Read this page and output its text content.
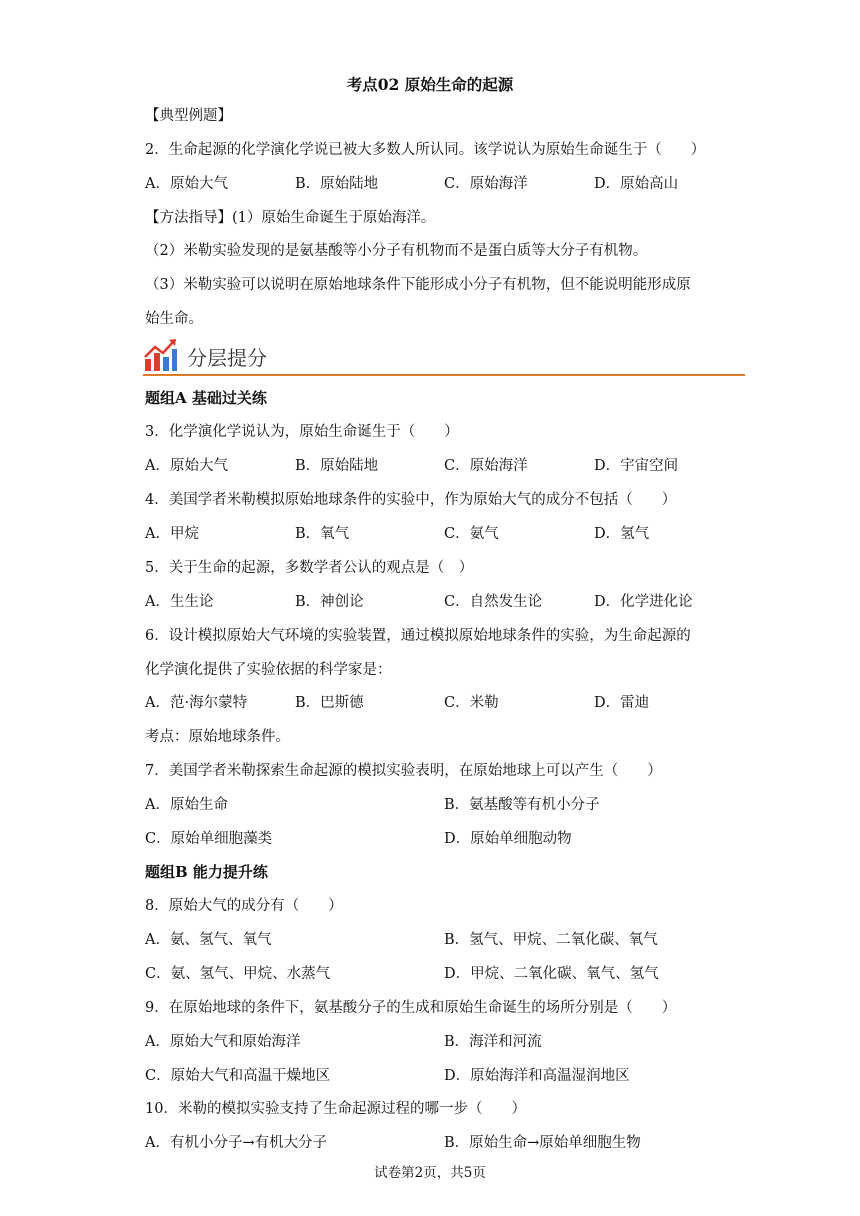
考点02 原始生命的起源
【典型例题】
2．生命起源的化学演化学说已被大多数人所认同。该学说认为原始生命诞生于（　　）
A．原始大气	B．原始陆地	C．原始海洋	D．原始高山
【方法指导】(1）原始生命诞生于原始海洋。
（2）米勒实验发现的是氨基酸等小分子有机物而不是蛋白质等大分子有机物。
（3）米勒实验可以说明在原始地球条件下能形成小分子有机物，但不能说明能形成原
始生命。
分层提分
题组A 基础过关练
3．化学演化学说认为，原始生命诞生于（　　）
A．原始大气	B．原始陆地	C．原始海洋	D．宇宙空间
4．美国学者米勒模拟原始地球条件的实验中，作为原始大气的成分不包括（　　）
A．甲烷	B．氧气	C．氨气	D．氢气
5．关于生命的起源，多数学者公认的观点是（　）
A．生生论	B．神创论	C．自然发生论	D．化学进化论
6．设计模拟原始大气环境的实验装置，通过模拟原始地球条件的实验，为生命起源的
化学演化提供了实验依据的科学家是：
A．范·海尔蒙特	B．巴斯德	C．米勒	D．雷迪
考点：原始地球条件。
7．美国学者米勒探索生命起源的模拟实验表明，在原始地球上可以产生（　　）
A．原始生命	B．氨基酸等有机小分子
C．原始单细胞藻类	D．原始单细胞动物
题组B 能力提升练
8．原始大气的成分有（　　）
A．氨、氢气、氧气	B．氢气、甲烷、二氧化碳、氧气
C．氨、氢气、甲烷、水蒸气	D．甲烷、二氧化碳、氧气、氢气
9．在原始地球的条件下，氨基酸分子的生成和原始生命诞生的场所分别是（　　）
A．原始大气和原始海洋	B．海洋和河流
C．原始大气和高温干燥地区	D．原始海洋和高温湿润地区
10．米勒的模拟实验支持了生命起源过程的哪一步（　　）
A．有机小分子→有机大分子	B．原始生命→原始单细胞生物
试卷第2页，共5页
